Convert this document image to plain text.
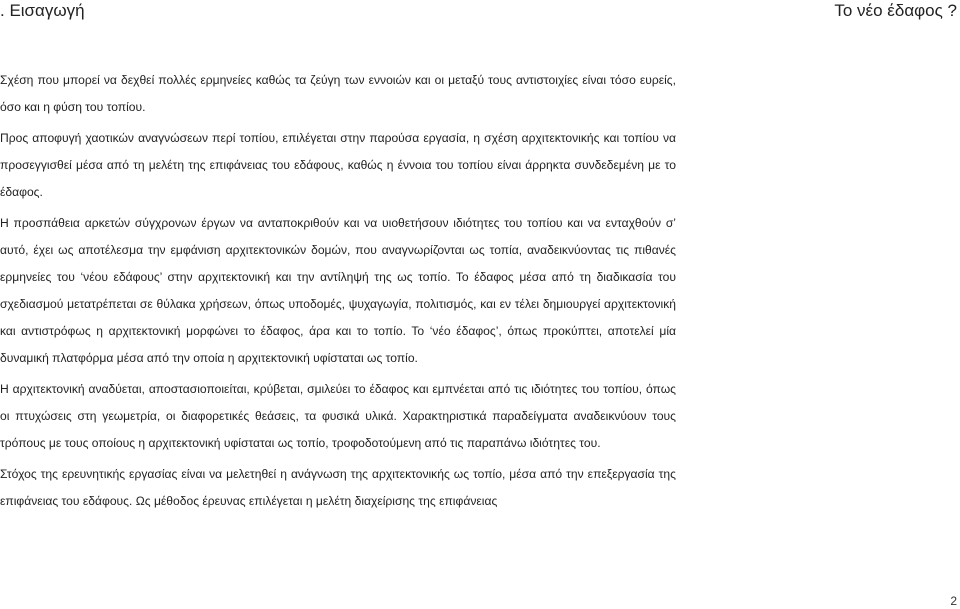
. Εισαγωγή	Το νέο έδαφος ?

Σχέση που μπορεί να δεχθεί πολλές ερμηνείες καθώς τα ζεύγη των εννοιών και οι μεταξύ τους αντιστοιχίες είναι τόσο ευρείς, όσο και η φύση του τοπίου.

Προς αποφυγή χαοτικών αναγνώσεων περί τοπίου, επιλέγεται στην παρούσα εργασία, η σχέση αρχιτεκτονικής και τοπίου να προσεγγισθεί μέσα από τη μελέτη της επιφάνειας του εδάφους, καθώς η έννοια του τοπίου είναι άρρηκτα συνδεδεμένη με το έδαφος.

Η προσπάθεια αρκετών σύγχρονων έργων να ανταποκριθούν και να υιοθετήσουν ιδιότητες του τοπίου και να ενταχθούν σ’ αυτό, έχει ως αποτέλεσμα την εμφάνιση αρχιτεκτονικών δομών, που αναγνωρίζονται ως τοπία, αναδεικνύοντας τις πιθανές ερμηνείες του ‘νέου εδάφους’ στην αρχιτεκτονική και την αντίληψή της ως τοπίο. Το έδαφος μέσα από τη διαδικασία του σχεδιασμού μετατρέπεται σε θύλακα χρήσεων, όπως υποδομές, ψυχαγωγία, πολιτισμός, και εν τέλει δημιουργεί αρχιτεκτονική και αντιστρόφως η αρχιτεκτονική μορφώνει το έδαφος, άρα και το τοπίο. Το ‘νέο έδαφος’, όπως προκύπτει, αποτελεί μία δυναμική πλατφόρμα μέσα από την οποία η αρχιτεκτονική υφίσταται ως τοπίο.

Η αρχιτεκτονική αναδύεται, αποστασιοποιείται, κρύβεται, σμιλεύει το έδαφος και εμπνέεται από τις ιδιότητες του τοπίου, όπως οι πτυχώσεις στη γεωμετρία, οι διαφορετικές θεάσεις, τα φυσικά υλικά. Χαρακτηριστικά παραδείγματα αναδεικνύουν τους τρόπους με τους οποίους η αρχιτεκτονική υφίσταται ως τοπίο, τροφοδοτούμενη από τις παραπάνω ιδιότητες του.

Στόχος της ερευνητικής εργασίας είναι να μελετηθεί η ανάγνωση της αρχιτεκτονικής ως τοπίο, μέσα από την επεξεργασία της επιφάνειας του εδάφους. Ως μέθοδος έρευνας επιλέγεται η μελέτη διαχείρισης της επιφάνειας

2
